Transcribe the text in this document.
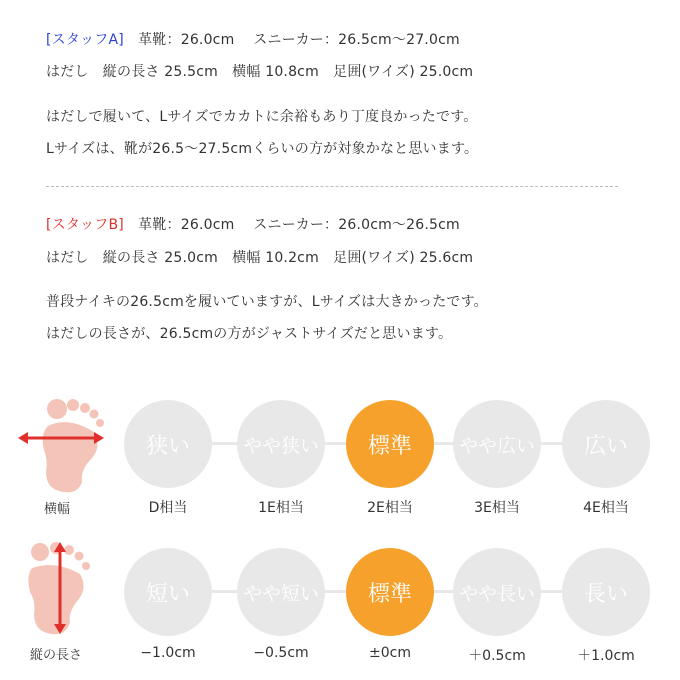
[スタッフA]　 革靴：26.0cm　 スニーカー：26.5cm〜27.0cm
はだし　縦の長さ 25.5cm　横幅 10.8cm　足囲(ワイズ) 25.0cm
はだしで履いて、Lサイズでカカトに余裕もあり丁度良かったです。
Lサイズは、靴が26.5〜27.5cmくらいの方が対象かなと思います。
[スタッフB]　 革靴：26.0cm　 スニーカー：26.0cm〜26.5cm
はだし　縦の長さ 25.0cm　横幅 10.2cm　足囲(ワイズ) 25.6cm
普段ナイキの26.5cmを履いていますが、Lサイズは大きかったです。
はだしの長さが、26.5cmの方がジャストサイズだと思います。
横幅
狭い	やや狭い	標準	やや広い	広い
D相当	1E相当	2E相当	3E相当	4E相当
縦の長さ
短い	やや短い	標準	やや長い	長い
−1.0cm	−0.5cm	±0cm	＋0.5cm	＋1.0cm
